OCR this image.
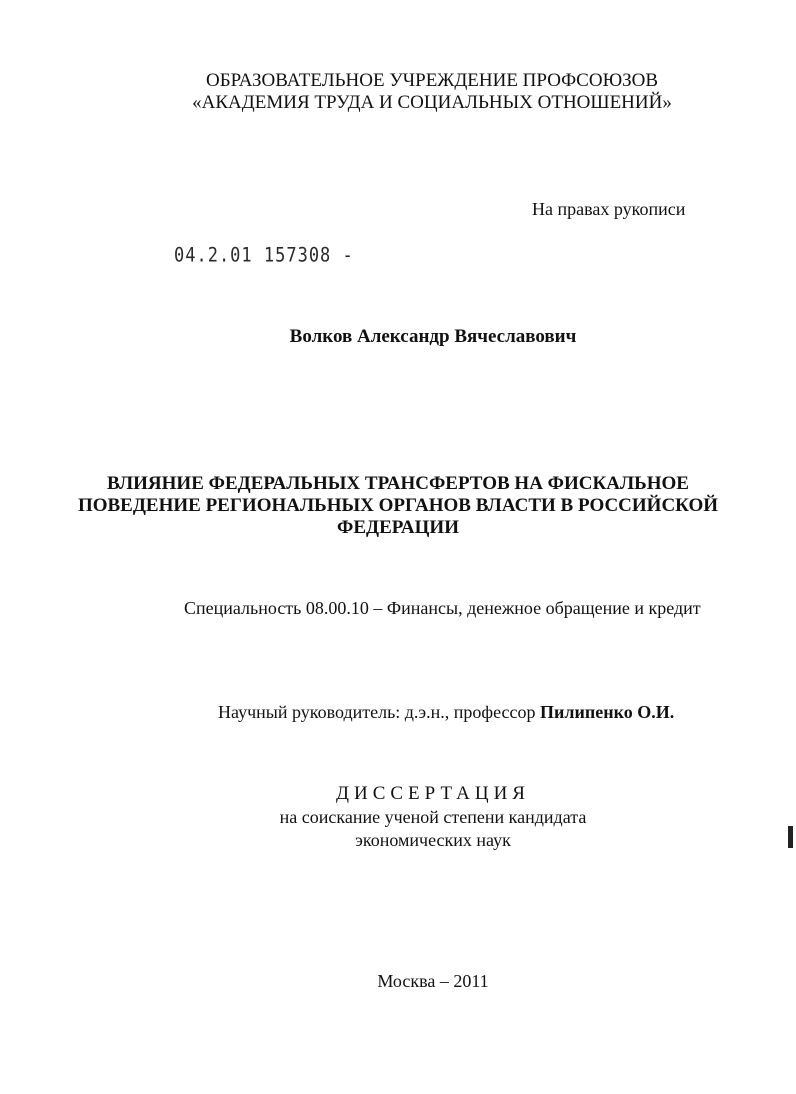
ОБРАЗОВАТЕЛЬНОЕ УЧРЕЖДЕНИЕ ПРОФСОЮЗОВ
«АКАДЕМИЯ ТРУДА И СОЦИАЛЬНЫХ ОТНОШЕНИЙ»
На правах рукописи
04.2.01 157308 -
Волков Александр Вячеславович
ВЛИЯНИЕ ФЕДЕРАЛЬНЫХ ТРАНСФЕРТОВ НА ФИСКАЛЬНОЕ
ПОВЕДЕНИЕ РЕГИОНАЛЬНЫХ ОРГАНОВ ВЛАСТИ В РОССИЙСКОЙ
ФЕДЕРАЦИИ
Специальность 08.00.10 – Финансы, денежное обращение и кредит
Научный руководитель: д.э.н., профессор Пилипенко О.И.
ДИССЕРТАЦИЯ
на соискание ученой степени кандидата
экономических наук
Москва – 2011
